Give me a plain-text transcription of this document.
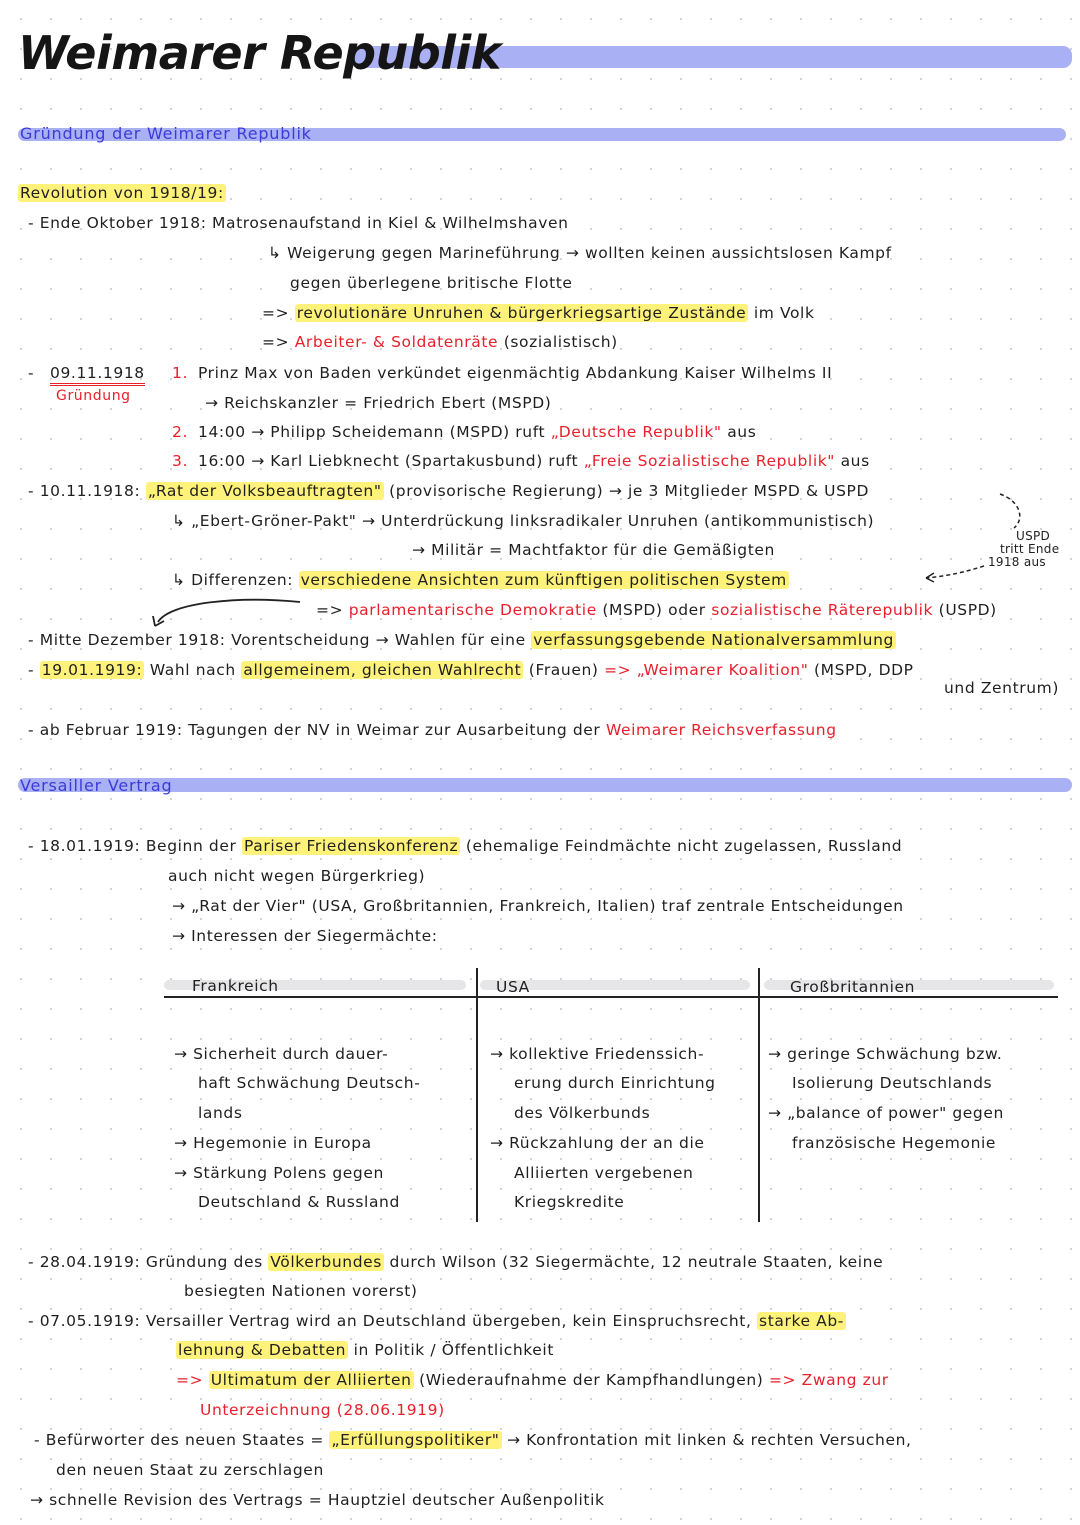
Weimarer Republik
Gründung der Weimarer Republik
Revolution von 1918/19:
- Ende Oktober 1918: Matrosenaufstand in Kiel & Wilhelmshaven
↳ Weigerung gegen Marineführung → wollten keinen aussichtslosen Kampf
gegen überlegene britische Flotte
=> revolutionäre Unruhen & bürgerkriegsartige Zustände im Volk
=> Arbeiter- & Soldatenräte (sozialistisch)
- 09.11.1918
Gründung
1. Prinz Max von Baden verkündet eigenmächtig Abdankung Kaiser Wilhelms II
→ Reichskanzler = Friedrich Ebert (MSPD)
2. 14:00 → Philipp Scheidemann (MSPD) ruft „Deutsche Republik" aus
3. 16:00 → Karl Liebknecht (Spartakusbund) ruft „Freie Sozialistische Republik" aus
- 10.11.1918: „Rat der Volksbeauftragten" (provisorische Regierung) → je 3 Mitglieder MSPD & USPD
↳ „Ebert-Gröner-Pakt" → Unterdrückung linksradikaler Unruhen (antikommunistisch)
→ Militär = Machtfaktor für die Gemäßigten
USPD
tritt Ende
1918 aus
↳ Differenzen: verschiedene Ansichten zum künftigen politischen System
=> parlamentarische Demokratie (MSPD) oder sozialistische Räterepublik (USPD)
- Mitte Dezember 1918: Vorentscheidung → Wahlen für eine verfassungsgebende Nationalversammlung
- 19.01.1919: Wahl nach allgemeinem, gleichen Wahlrecht (Frauen) => „Weimarer Koalition" (MSPD, DDP
und Zentrum)
- ab Februar 1919: Tagungen der NV in Weimar zur Ausarbeitung der Weimarer Reichsverfassung
Versailler Vertrag
- 18.01.1919: Beginn der Pariser Friedenskonferenz (ehemalige Feindmächte nicht zugelassen, Russland
auch nicht wegen Bürgerkrieg)
→ „Rat der Vier" (USA, Großbritannien, Frankreich, Italien) traf zentrale Entscheidungen
→ Interessen der Siegermächte:
Frankreich	USA	Großbritannien
→ Sicherheit durch dauer-
haft Schwächung Deutsch-
lands
→ Hegemonie in Europa
→ Stärkung Polens gegen
Deutschland & Russland
→ kollektive Friedenssich-
erung durch Einrichtung
des Völkerbunds
→ Rückzahlung der an die
Alliierten vergebenen
Kriegskredite
→ geringe Schwächung bzw.
Isolierung Deutschlands
→ „balance of power" gegen
französische Hegemonie
- 28.04.1919: Gründung des Völkerbundes durch Wilson (32 Siegermächte, 12 neutrale Staaten, keine
besiegten Nationen vorerst)
- 07.05.1919: Versailler Vertrag wird an Deutschland übergeben, kein Einspruchsrecht, starke Ab-
lehnung & Debatten in Politik / Öffentlichkeit
=> Ultimatum der Alliierten (Wiederaufnahme der Kampfhandlungen) => Zwang zur
Unterzeichnung (28.06.1919)
- Befürworter des neuen Staates = „Erfüllungspolitiker" → Konfrontation mit linken & rechten Versuchen,
den neuen Staat zu zerschlagen
→ schnelle Revision des Vertrags = Hauptziel deutscher Außenpolitik
